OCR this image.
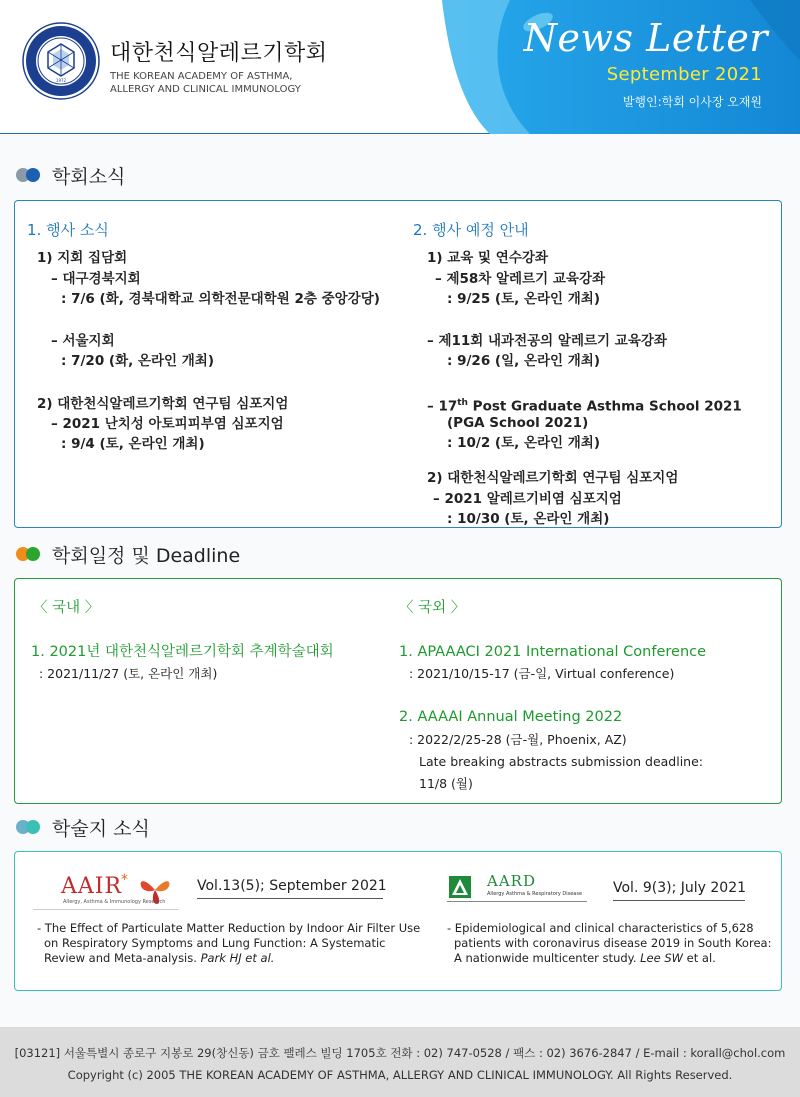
1972
대한천식알레르기학회
THE KOREAN ACADEMY OF ASTHMA,
ALLERGY AND CLINICAL IMMUNOLOGY
News Letter
September 2021
발행인:학회 이사장 오재원
학회소식
1. 행사 소식
1) 지회 집담회
– 대구경북지회
: 7/6 (화, 경북대학교 의학전문대학원 2층 중앙강당)
– 서울지회
: 7/20 (화, 온라인 개최)
2) 대한천식알레르기학회 연구팀 심포지엄
– 2021 난치성 아토피피부염 심포지엄
: 9/4 (토, 온라인 개최)
2. 행사 예정 안내
1) 교육 및 연수강좌
– 제58차 알레르기 교육강좌
: 9/25 (토, 온라인 개최)
– 제11회 내과전공의 알레르기 교육강좌
: 9/26 (일, 온라인 개최)
– 17th Post Graduate Asthma School 2021
(PGA School 2021)
: 10/2 (토, 온라인 개최)
2) 대한천식알레르기학회 연구팀 심포지엄
– 2021 알레르기비염 심포지엄
: 10/30 (토, 온라인 개최)
학회일정 및 Deadline
〈 국내 〉
1. 2021년 대한천식알레르기학회 추계학술대회
: 2021/11/27 (토, 온라인 개최)
〈 국외 〉
1. APAAACI 2021 International Conference
: 2021/10/15-17 (금-일, Virtual conference)
2. AAAAI Annual Meeting 2022
: 2022/2/25-28 (금-월, Phoenix, AZ)
Late breaking abstracts submission deadline:
11/8 (월)
학술지 소식
AAIR
*
Allergy, Asthma & Immunology Research
Vol.13(5); September 2021
- The Effect of Particulate Matter Reduction by Indoor Air Filter Use
on Respiratory Symptoms and Lung Function: A Systematic
Review and Meta-analysis. Park HJ et al.
AARD
Allergy Asthma & Respiratory Disease Vol. 9(3); July 2021
- Epidemiological and clinical characteristics of 5,628
patients with coronavirus disease 2019 in South Korea:
A nationwide multicenter study. Lee SW et al.
[03121] 서울특별시 종로구 지봉로 29(창신동) 금호 팰레스 빌딩 1705호 전화 : 02) 747-0528 / 팩스 : 02) 3676-2847 / E-mail : korall@chol.com
Copyright (c) 2005 THE KOREAN ACADEMY OF ASTHMA, ALLERGY AND CLINICAL IMMUNOLOGY. All Rights Reserved.
